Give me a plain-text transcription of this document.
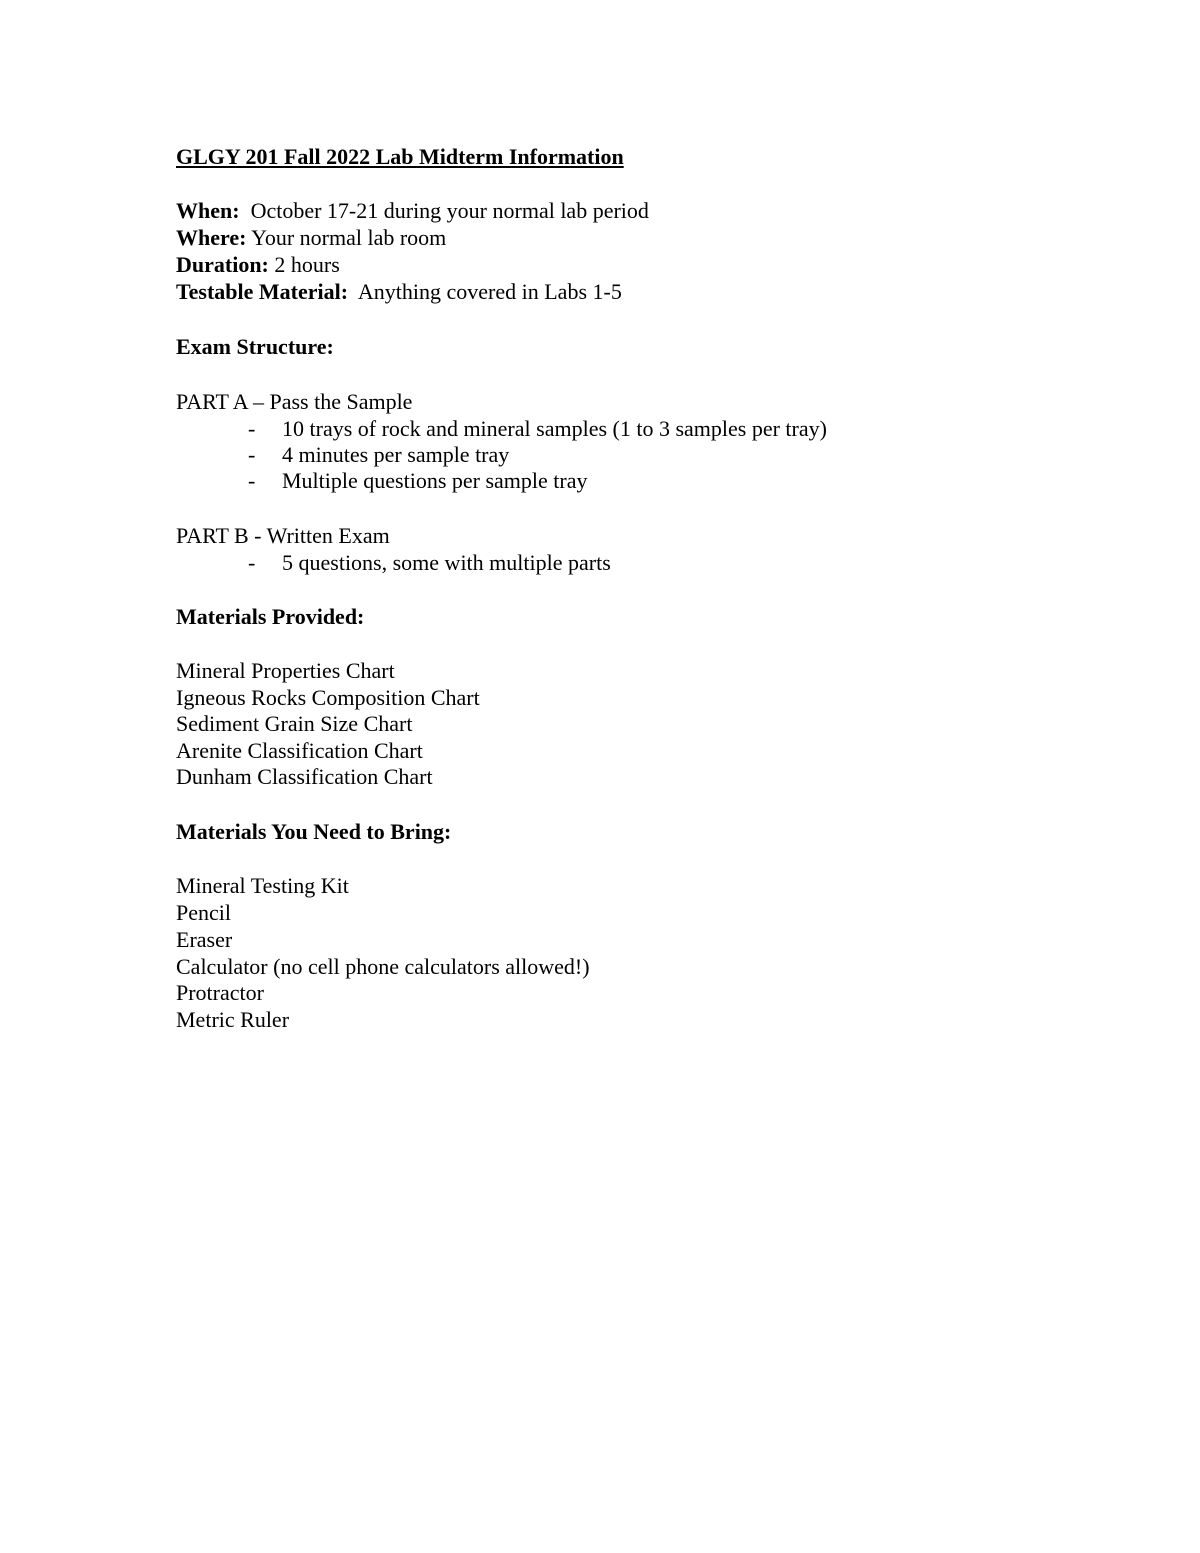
GLGY 201 Fall 2022 Lab Midterm Information
When: October 17-21 during your normal lab period
Where: Your normal lab room
Duration: 2 hours
Testable Material: Anything covered in Labs 1-5
Exam Structure:
PART A – Pass the Sample
- 10 trays of rock and mineral samples (1 to 3 samples per tray)
- 4 minutes per sample tray
- Multiple questions per sample tray
PART B - Written Exam
- 5 questions, some with multiple parts
Materials Provided:
Mineral Properties Chart
Igneous Rocks Composition Chart
Sediment Grain Size Chart
Arenite Classification Chart
Dunham Classification Chart
Materials You Need to Bring:
Mineral Testing Kit
Pencil
Eraser
Calculator (no cell phone calculators allowed!)
Protractor
Metric Ruler
